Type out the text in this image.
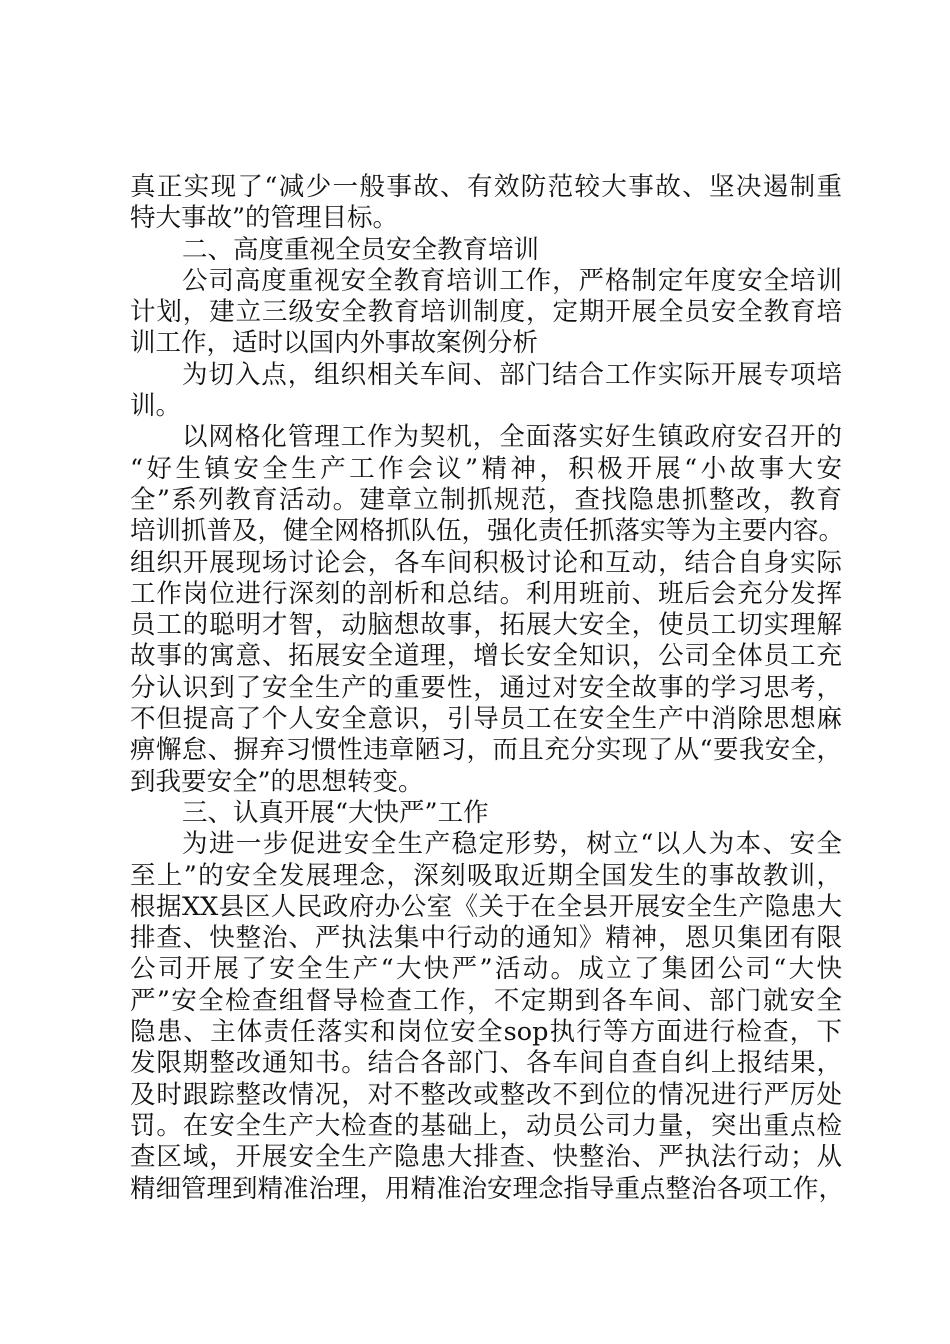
真正实现了“减少一般事故、有效防范较大事故、坚决遏制重
特大事故”的管理目标。
二、高度重视全员安全教育培训
公司高度重视安全教育培训工作，严格制定年度安全培训
计划，建立三级安全教育培训制度，定期开展全员安全教育培
训工作，适时以国内外事故案例分析
为切入点，组织相关车间、部门结合工作实际开展专项培
训。
以网格化管理工作为契机，全面落实好生镇政府安召开的
“好生镇安全生产工作会议”精神，积极开展“小故事大安
全”系列教育活动。建章立制抓规范，查找隐患抓整改，教育
培训抓普及，健全网格抓队伍，强化责任抓落实等为主要内容。
组织开展现场讨论会，各车间积极讨论和互动，结合自身实际
工作岗位进行深刻的剖析和总结。利用班前、班后会充分发挥
员工的聪明才智，动脑想故事，拓展大安全，使员工切实理解
故事的寓意、拓展安全道理，增长安全知识，公司全体员工充
分认识到了安全生产的重要性，通过对安全故事的学习思考，
不但提高了个人安全意识，引导员工在安全生产中消除思想麻
痹懈怠、摒弃习惯性违章陋习，而且充分实现了从“要我安全，
到我要安全”的思想转变。
三、认真开展“大快严”工作
为进一步促进安全生产稳定形势，树立“以人为本、安全
至上”的安全发展理念，深刻吸取近期全国发生的事故教训，
根据XX县区人民政府办公室《关于在全县开展安全生产隐患大
排查、快整治、严执法集中行动的通知》精神，恩贝集团有限
公司开展了安全生产“大快严”活动。成立了集团公司“大快
严”安全检查组督导检查工作，不定期到各车间、部门就安全
隐患、主体责任落实和岗位安全sop执行等方面进行检查，下
发限期整改通知书。结合各部门、各车间自查自纠上报结果，
及时跟踪整改情况，对不整改或整改不到位的情况进行严厉处
罚。在安全生产大检查的基础上，动员公司力量，突出重点检
查区域，开展安全生产隐患大排查、快整治、严执法行动；从
精细管理到精准治理，用精准治安理念指导重点整治各项工作，
